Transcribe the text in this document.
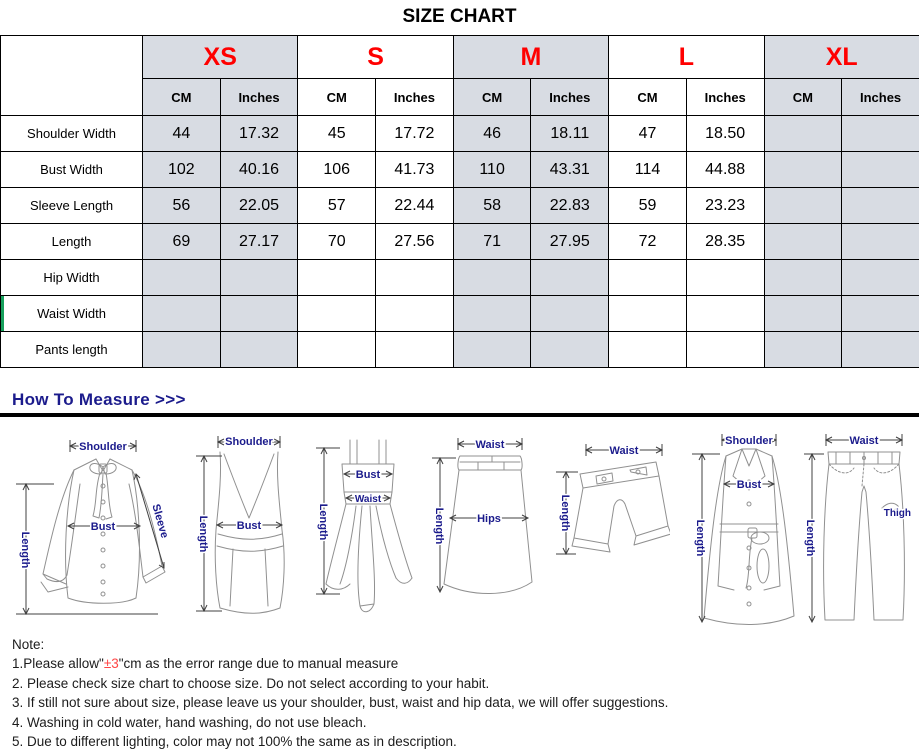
SIZE CHART
	XS		S		M		L		XL	
	CM	Inches	CM	Inches	CM	Inches	CM	Inches	CM	Inches
Shoulder Width	44	17.32	45	17.72	46	18.11	47	18.50		
Bust Width	102	40.16	106	41.73	110	43.31	114	44.88		
Sleeve Length	56	22.05	57	22.44	58	22.83	59	23.23		
Length	69	27.17	70	27.56	71	27.95	72	28.35		
Hip Width										
Waist Width										
Pants length										
How To Measure >>>
Shoulder
Bust
Length
Sleeve
Shoulder
Bust
Length
Bust
Waist
Length
Waist
Hips
Length
Waist
Length
Shoulder
Bust
Length
Waist
Thigh
Length
Note:
1.Please allow"±3"cm as the error range due to manual measure
2. Please check size chart to choose size. Do not select according to your habit.
3. If still not sure about size, please leave us your shoulder, bust, waist and hip data, we will offer suggestions.
4. Washing in cold water, hand washing, do not use bleach.
5. Due to different lighting, color may not 100% the same as in description.
